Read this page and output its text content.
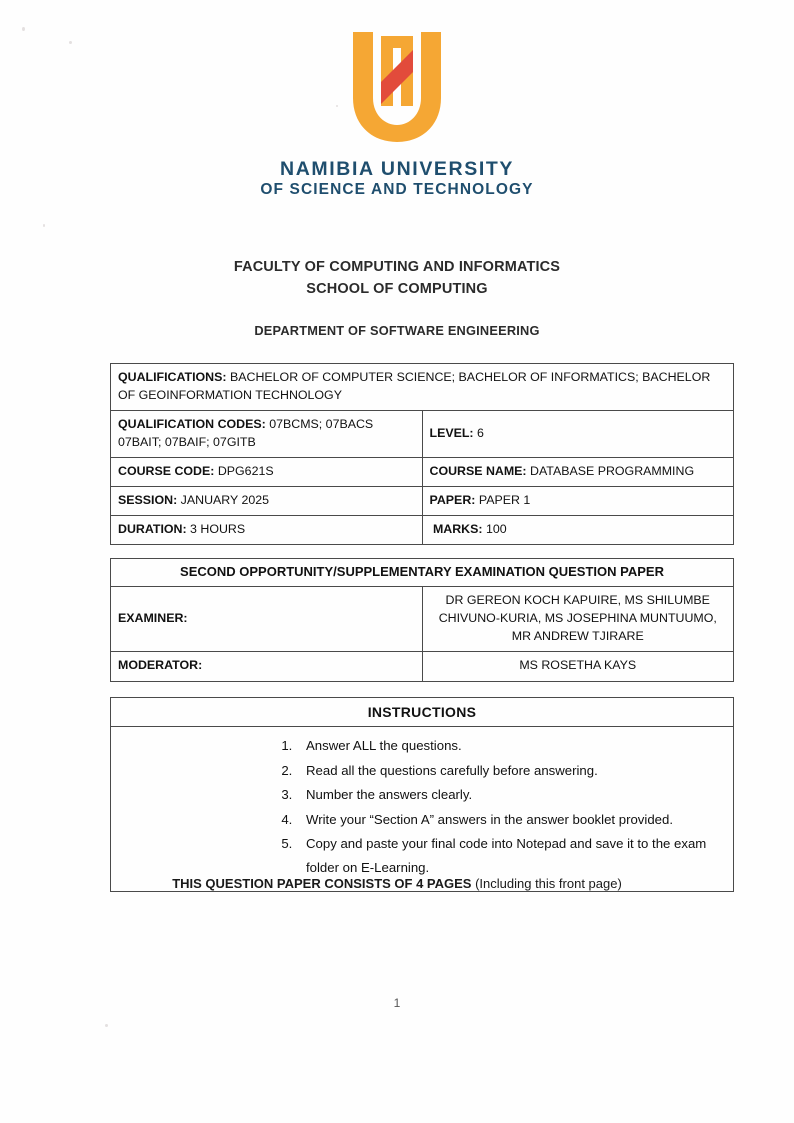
NAMIBIA UNIVERSITY
OF SCIENCE AND TECHNOLOGY
FACULTY OF COMPUTING AND INFORMATICS
SCHOOL OF COMPUTING
DEPARTMENT OF SOFTWARE ENGINEERING
QUALIFICATIONS: BACHELOR OF COMPUTER SCIENCE; BACHELOR OF INFORMATICS; BACHELOR OF GEOINFORMATION TECHNOLOGY	
QUALIFICATION CODES: 07BCMS; 07BACS 07BAIT; 07BAIF; 07GITB	LEVEL: 6
COURSE CODE: DPG621S	COURSE NAME: DATABASE PROGRAMMING
SESSION: JANUARY 2025	PAPER: PAPER 1
DURATION: 3 HOURS	MARKS: 100
SECOND OPPORTUNITY/SUPPLEMENTARY EXAMINATION QUESTION PAPER	
EXAMINER:	DR GEREON KOCH KAPUIRE, MS SHILUMBE CHIVUNO-KURIA, MS JOSEPHINA MUNTUUMO, MR ANDREW TJIRARE
MODERATOR:	MS ROSETHA KAYS
INSTRUCTIONS

1. Answer ALL the questions.
2. Read all the questions carefully before answering.
3. Number the answers clearly.
4. Write your “Section A” answers in the answer booklet provided.
5. Copy and paste your final code into Notepad and save it to the exam folder on E-Learning.
THIS QUESTION PAPER CONSISTS OF 4 PAGES (Including this front page)
1
